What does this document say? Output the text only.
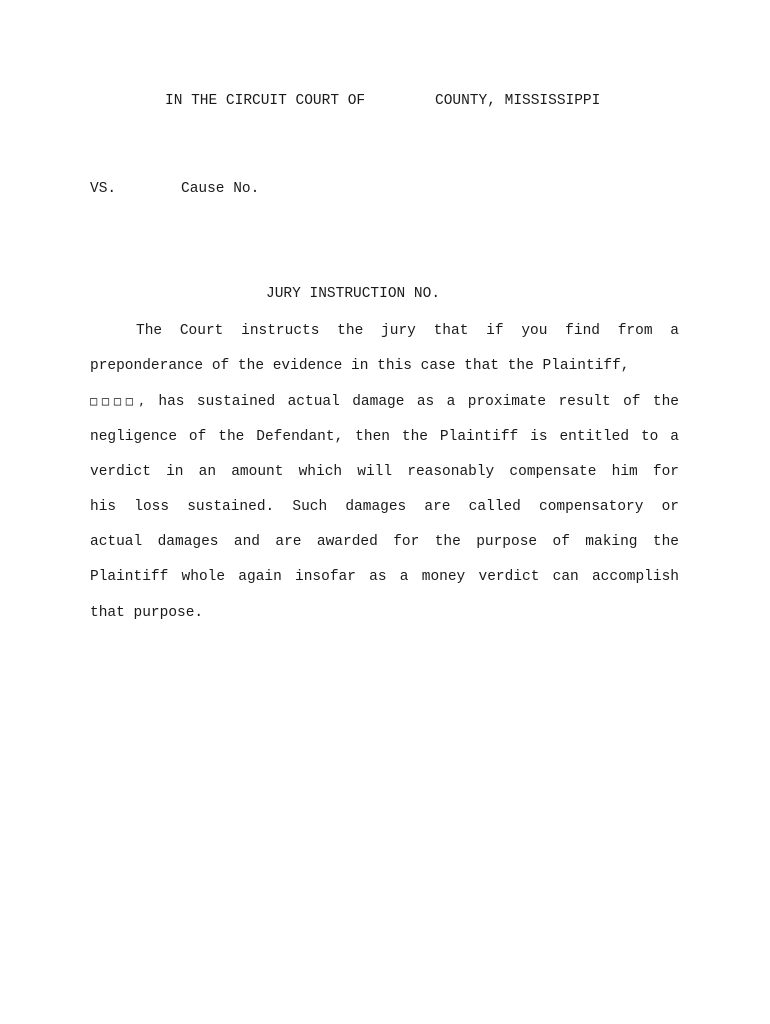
IN THE CIRCUIT COURT OF	COUNTY, MISSISSIPPI
VS.	Cause No.
JURY INSTRUCTION NO.
The Court instructs the jury that if you find from a
preponderance of the evidence in this case that the Plaintiff,
□□□□, has sustained actual damage as a proximate result of the
negligence of the Defendant, then the Plaintiff is entitled to a
verdict in an amount which will reasonably compensate him for
his loss sustained. Such damages are called compensatory or
actual damages and are awarded for the purpose of making the
Plaintiff whole again insofar as a money verdict can accomplish
that purpose.
